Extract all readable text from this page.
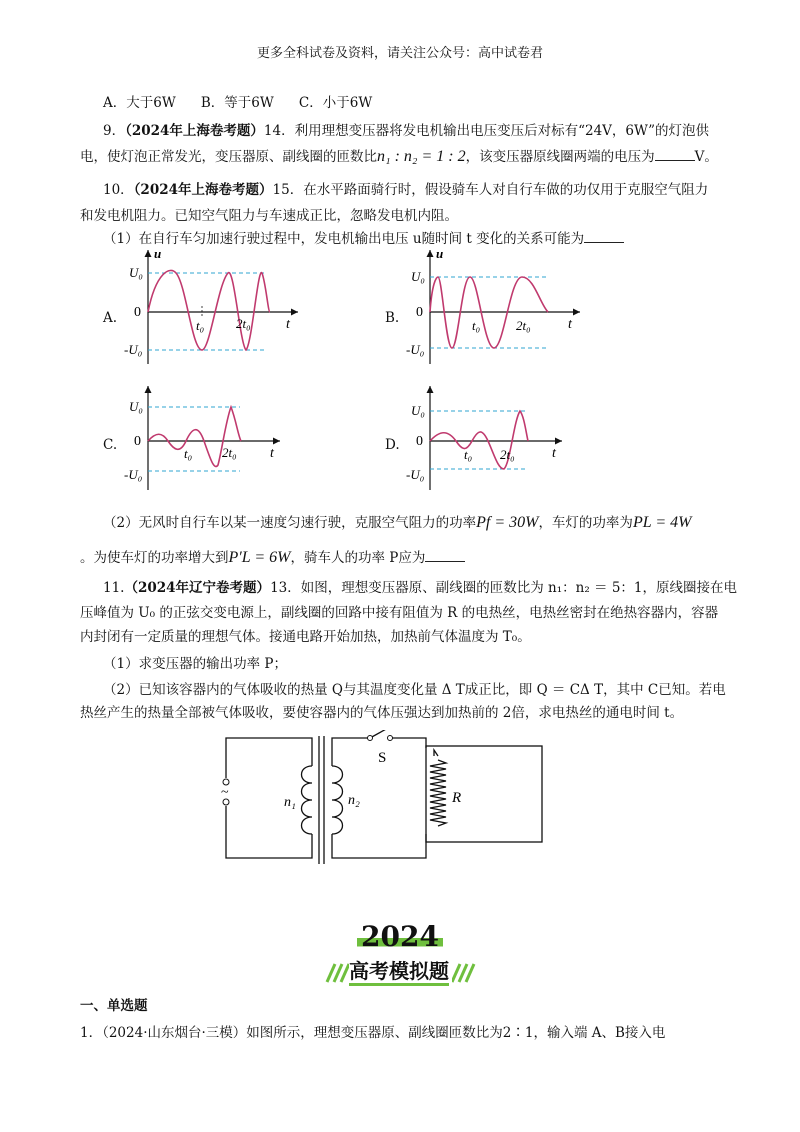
更多全科试卷及资料，请关注公众号：高中试卷君
A．大于6W    B．等于6W    C．小于6W
9．（2024年上海卷考题）14．利用理想变压器将发电机输出电压变压后对标有“24V，6W”的灯泡供
电，使灯泡正常发光，变压器原、副线圈的匝数比n₁ : n₂ = 1 : 2，该变压器原线圈两端的电压为	V。
10．（2024年上海卷考题）15．在水平路面骑行时，假设骑车人对自行车做的功仅用于克服空气阻力
和发电机阻力。已知空气阻力与车速成正比，忽略发电机内阻。
（1）在自行车匀加速行驶过程中，发电机输出电压 u随时间 t 变化的关系可能为
A.
U₀
0
-U₀
u
t
t₀ 2t₀	B.
U₀
0
-U₀
u
t
t₀	2t₀
C.
U₀
0
-U₀
t
t₀ 2t₀	D.
U₀
0
-U₀
t
t₀ 2t₀
（2）无风时自行车以某一速度匀速行驶，克服空气阻力的功率Pf = 30W，车灯的功率为PL = 4W
。为使车灯的功率增大到P′L = 6W，骑车人的功率 P应为
11.（2024年辽宁卷考题）13．如图，理想变压器原、副线圈的匝数比为 n₁：n₂ ＝ 5：1，原线圈接在电
压峰值为 U₀ 的正弦交变电源上，副线圈的回路中接有阻值为 R 的电热丝，电热丝密封在绝热容器内，容器
内封闭有一定质量的理想气体。接通电路开始加热，加热前气体温度为 T₀。
（1）求变压器的输出功率 P；
（2）已知该容器内的气体吸收的热量 Q与其温度变化量 Δ T成正比，即 Q ＝ CΔ T，其中 C已知。若电
热丝产生的热量全部被气体吸收，要使容器内的气体压强达到加热前的 2倍，求电热丝的通电时间 t。
~
n₁	n₂
S
R
2024
高考模拟题
一、单选题
1．（2024·山东烟台·三模）如图所示，理想变压器原、副线圈匝数比为2∶1，输入端 A、B接入电
